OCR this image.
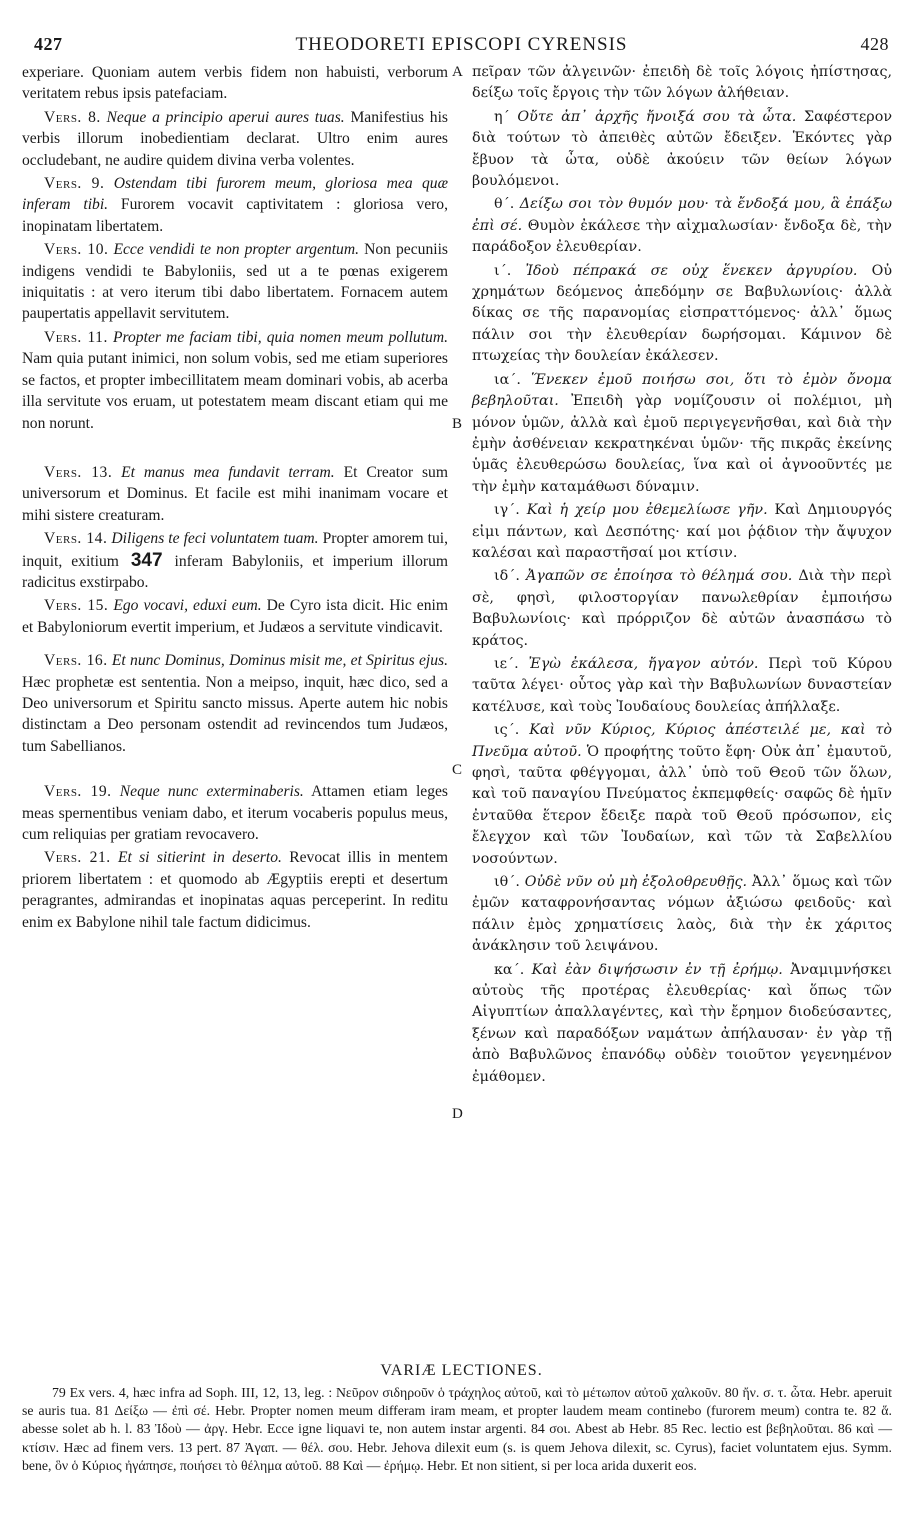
427	THEODORETI EPISCOPI CYRENSIS	428
A
B
C
D

experiare. Quoniam autem verbis fidem non habuisti, verborum veritatem rebus ipsis patefaciam.

Vers. 8. Neque a principio aperui aures tuas. Manifestius his verbis illorum inobedientiam declarat. Ultro enim aures occludebant, ne audire quidem divina verba volentes.

Vers. 9. Ostendam tibi furorem meum, gloriosa mea quæ inferam tibi. Furorem vocavit captivitatem : gloriosa vero, inopinatam libertatem.

Vers. 10. Ecce vendidi te non propter argentum. Non pecuniis indigens vendidi te Babyloniis, sed ut a te pœnas exigerem iniquitatis : at vero iterum tibi dabo libertatem. Fornacem autem paupertatis appellavit servitutem.

Vers. 11. Propter me faciam tibi, quia nomen meum pollutum. Nam quia putant inimici, non solum vobis, sed me etiam superiores se factos, et propter imbecillitatem meam dominari vobis, ab acerba illa servitute vos eruam, ut potestatem meam discant etiam qui me non norunt.

Vers. 13. Et manus mea fundavit terram. Et Creator sum universorum et Dominus. Et facile est mihi inanimam vocare et mihi sistere creaturam.

Vers. 14. Diligens te feci voluntatem tuam. Propter amorem tui, inquit, exitium 347 inferam Babyloniis, et imperium illorum radicitus exstirpabo.

Vers. 15. Ego vocavi, eduxi eum. De Cyro ista dicit. Hic enim et Babyloniorum evertit imperium, et Judæos a servitute vindicavit.

Vers. 16. Et nunc Dominus, Dominus misit me, et Spiritus ejus. Hæc prophetæ est sententia. Non a meipso, inquit, hæc dico, sed a Deo universorum et Spiritu sancto missus. Aperte autem hic nobis distinctam a Deo personam ostendit ad revincendos tum Judæos, tum Sabellianos.

Vers. 19. Neque nunc exterminaberis. Attamen etiam leges meas spernentibus veniam dabo, et iterum vocaberis populus meus, cum reliquias per gratiam revocavero.

Vers. 21. Et si sitierint in deserto. Revocat illis in mentem priorem libertatem : et quomodo ab Ægyptiis erepti et desertum peragrantes, admirandas et inopinatas aquas perceperint. In reditu enim ex Babylone nihil tale factum didicimus.

πεῖραν τῶν ἀλγεινῶν· ἐπειδὴ δὲ τοῖς λόγοις ἠπίστησας, δείξω τοῖς ἔργοις τὴν τῶν λόγων ἀλήθειαν.

η΄ Οὔτε ἀπ᾽ ἀρχῆς ἤνοιξά σου τὰ ὦτα. Σαφέστερον διὰ τούτων τὸ ἀπειθὲς αὐτῶν ἔδειξεν. Ἑκόντες γὰρ ἔβυον τὰ ὦτα, οὐδὲ ἀκούειν τῶν θείων λόγων βουλόμενοι.

θ΄. Δείξω σοι τὸν θυμόν μου· τὰ ἔνδοξά μου, ἃ ἐπάξω ἐπὶ σέ. Θυμὸν ἐκάλεσε τὴν αἰχμαλωσίαν· ἔνδοξα δὲ, τὴν παράδοξον ἐλευθερίαν.

ι΄. Ἰδοὺ πέπρακά σε οὐχ ἕνεκεν ἀργυρίου. Οὐ χρημάτων δεόμενος ἀπεδόμην σε Βαβυλωνίοις· ἀλλὰ δίκας σε τῆς παρανομίας εἰσπραττόμενος· ἀλλ᾽ ὅμως πάλιν σοι τὴν ἐλευθερίαν δωρήσομαι. Κάμινον δὲ πτωχείας τὴν δουλείαν ἐκάλεσεν.

ια΄. Ἕνεκεν ἐμοῦ ποιήσω σοι, ὅτι τὸ ἐμὸν ὄνομα βεβηλοῦται. Ἐπειδὴ γὰρ νομίζουσιν οἱ πολέμιοι, μὴ μόνον ὑμῶν, ἀλλὰ καὶ ἐμοῦ περιγεγενῆσθαι, καὶ διὰ τὴν ἐμὴν ἀσθένειαν κεκρατηκέναι ὑμῶν· τῆς πικρᾶς ἐκείνης ὑμᾶς ἐλευθερώσω δουλείας, ἵνα καὶ οἱ ἀγνοοῦντές με τὴν ἐμὴν καταμάθωσι δύναμιν.

ιγ΄. Καὶ ἡ χείρ μου ἐθεμελίωσε γῆν. Καὶ Δημιουργός εἰμι πάντων, καὶ Δεσπότης· καί μοι ῥᾴδιον τὴν ἄψυχον καλέσαι καὶ παραστῆσαί μοι κτίσιν.

ιδ΄. Ἀγαπῶν σε ἐποίησα τὸ θέλημά σου. Διὰ τὴν περὶ σὲ, φησὶ, φιλοστοργίαν πανωλεθρίαν ἐμποιήσω Βαβυλωνίοις· καὶ πρόρριζον δὲ αὐτῶν ἀνασπάσω τὸ κράτος.

ιε΄. Ἐγὼ ἐκάλεσα, ἤγαγον αὐτόν. Περὶ τοῦ Κύρου ταῦτα λέγει· οὗτος γὰρ καὶ τὴν Βαβυλωνίων δυναστείαν κατέλυσε, καὶ τοὺς Ἰουδαίους δουλείας ἀπήλλαξε.

ις΄. Καὶ νῦν Κύριος, Κύριος ἀπέστειλέ με, καὶ τὸ Πνεῦμα αὐτοῦ. Ὁ προφήτης τοῦτο ἔφη· Οὐκ ἀπ᾽ ἐμαυτοῦ, φησὶ, ταῦτα φθέγγομαι, ἀλλ᾽ ὑπὸ τοῦ Θεοῦ τῶν ὅλων, καὶ τοῦ παναγίου Πνεύματος ἐκπεμφθείς· σαφῶς δὲ ἡμῖν ἐνταῦθα ἕτερον ἔδειξε παρὰ τοῦ Θεοῦ πρόσωπον, εἰς ἔλεγχον καὶ τῶν Ἰουδαίων, καὶ τῶν τὰ Σαβελλίου νοσούντων.

ιθ΄. Οὐδὲ νῦν οὐ μὴ ἐξολοθρευθῇς. Ἀλλ᾽ ὅμως καὶ τῶν ἐμῶν καταφρονήσαντας νόμων ἀξιώσω φειδοῦς· καὶ πάλιν ἐμὸς χρηματίσεις λαὸς, διὰ τὴν ἐκ χάριτος ἀνάκλησιν τοῦ λειψάνου.

κα΄. Καὶ ἐὰν διψήσωσιν ἐν τῇ ἐρήμῳ. Ἀναμιμνήσκει αὐτοὺς τῆς προτέρας ἐλευθερίας· καὶ ὅπως τῶν Αἰγυπτίων ἀπαλλαγέντες, καὶ τὴν ἔρημον διοδεύσαντες, ξένων καὶ παραδόξων ναμάτων ἀπήλαυσαν· ἐν γὰρ τῇ ἀπὸ Βαβυλῶνος ἐπανόδῳ οὐδὲν τοιοῦτον γεγενημένον ἐμάθομεν.

VARIÆ LECTIONES.
79 Ex vers. 4, hæc infra ad Soph. III, 12, 13, leg. : Νεῦρον σιδηροῦν ὁ τράχηλος αὐτοῦ, καὶ τὸ μέτωπον αὐτοῦ χαλκοῦν. 80 ἤν. σ. τ. ὦτα. Hebr. aperuit se auris tua. 81 Δείξω — ἐπὶ σέ. Hebr. Propter nomen meum differam iram meam, et propter laudem meam continebo (furorem meum) contra te. 82 ἅ. abesse solet ab h. l. 83 Ἰδοὺ — ἀργ. Hebr. Ecce igne liquavi te, non autem instar argenti. 84 σοι. Abest ab Hebr. 85 Rec. lectio est βεβηλοῦται. 86 καὶ — κτίσιν. Hæc ad finem vers. 13 pert. 87 Ἀγαπ. — θέλ. σου. Hebr. Jehova dilexit eum (s. is quem Jehova dilexit, sc. Cyrus), faciet voluntatem ejus. Symm. bene, ὃν ὁ Κύριος ἠγάπησε, ποιήσει τὸ θέλημα αὐτοῦ. 88 Καὶ — ἐρήμῳ. Hebr. Et non sitient, si per loca arida duxerit eos.
